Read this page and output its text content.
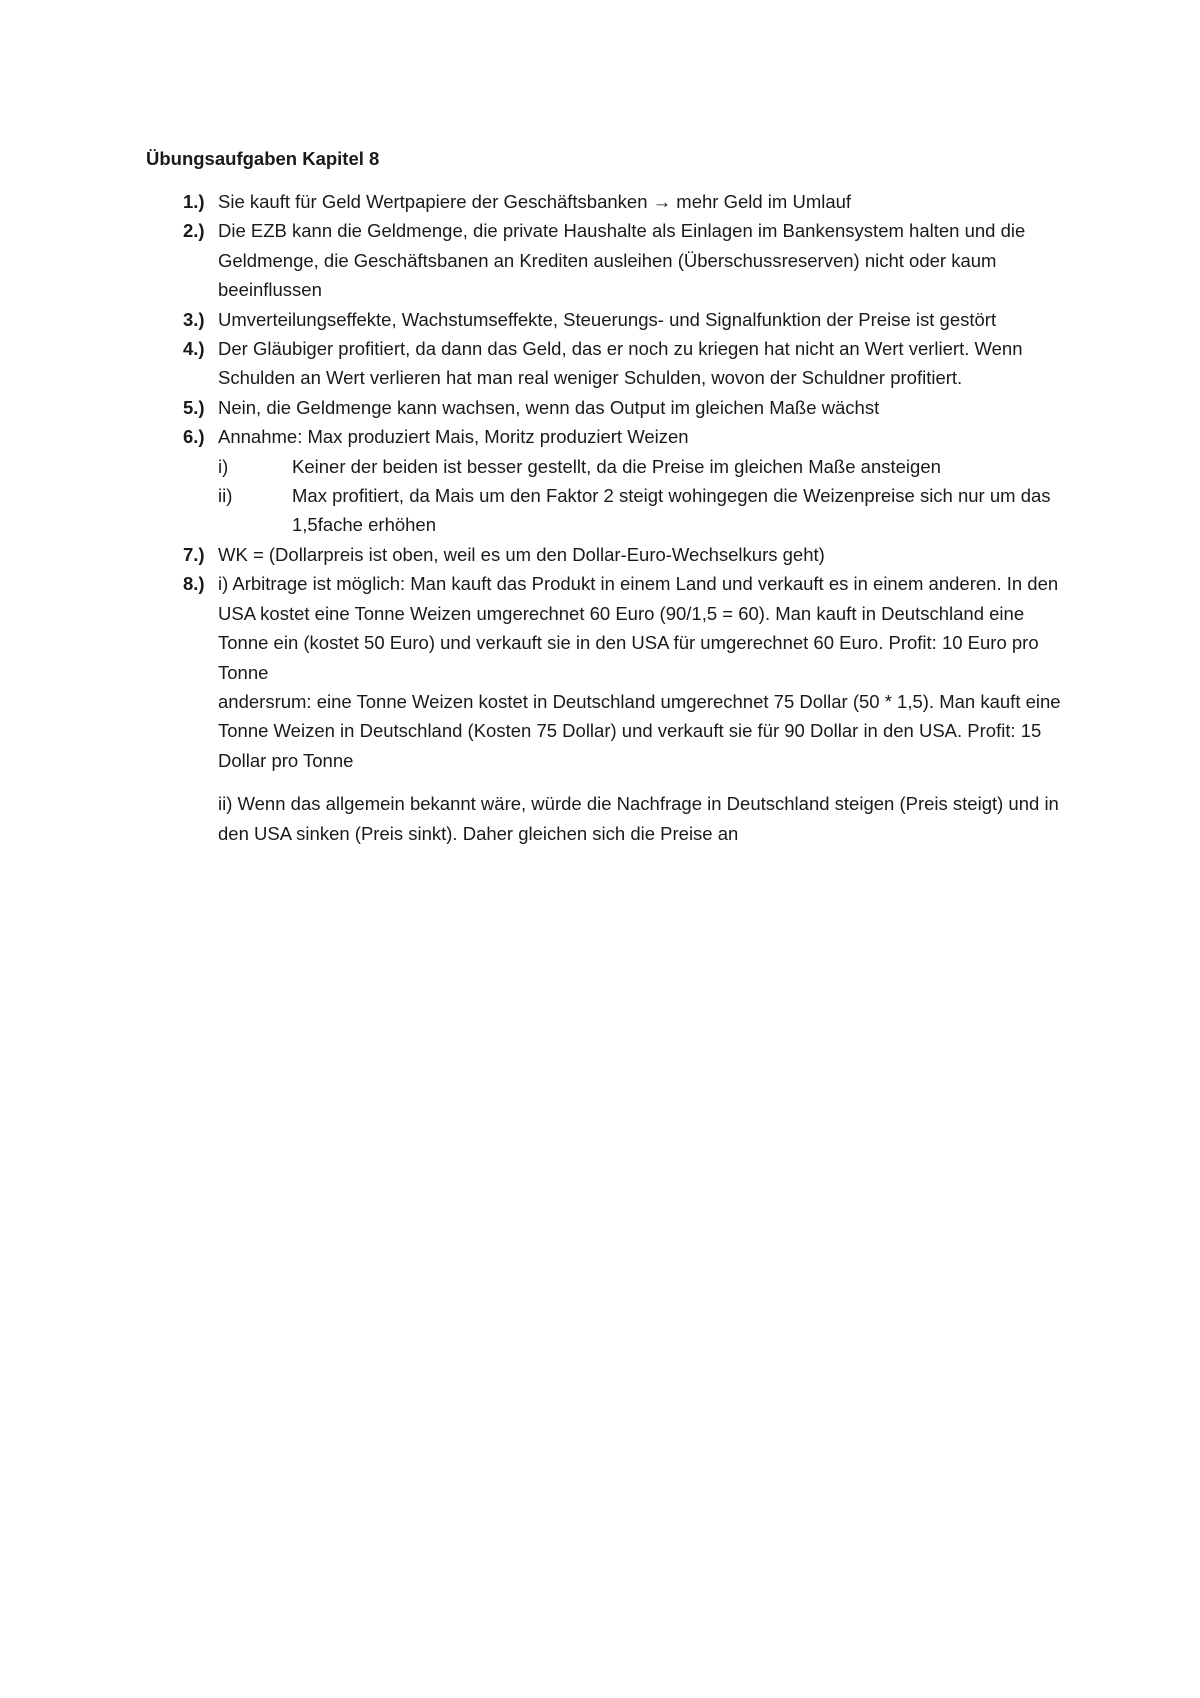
Übungsaufgaben Kapitel 8
1.) Sie kauft für Geld Wertpapiere der Geschäftsbanken → mehr Geld im Umlauf
2.) Die EZB kann die Geldmenge, die private Haushalte als Einlagen im Bankensystem halten und die Geldmenge, die Geschäftsbanen an Krediten ausleihen (Überschussreserven) nicht oder kaum beeinflussen
3.) Umverteilungseffekte, Wachstumseffekte, Steuerungs- und Signalfunktion der Preise ist gestört
4.) Der Gläubiger profitiert, da dann das Geld, das er noch zu kriegen hat nicht an Wert verliert. Wenn Schulden an Wert verlieren hat man real weniger Schulden, wovon der Schuldner profitiert.
5.) Nein, die Geldmenge kann wachsen, wenn das Output im gleichen Maße wächst
6.) Annahme: Max produziert Mais, Moritz produziert Weizen
i)	Keiner der beiden ist besser gestellt, da die Preise im gleichen Maße ansteigen
ii)	Max profitiert, da Mais um den Faktor 2 steigt wohingegen die Weizenpreise sich nur um das 1,5fache erhöhen
7.) WK = (Dollarpreis ist oben, weil es um den Dollar-Euro-Wechselkurs geht)
8.) i) Arbitrage ist möglich: Man kauft das Produkt in einem Land und verkauft es in einem anderen. In den USA kostet eine Tonne Weizen umgerechnet 60 Euro (90/1,5 = 60). Man kauft in Deutschland eine Tonne ein (kostet 50 Euro) und verkauft sie in den USA für umgerechnet 60 Euro. Profit: 10 Euro pro Tonne
andersrum: eine Tonne Weizen kostet in Deutschland umgerechnet 75 Dollar (50 * 1,5). Man kauft eine Tonne Weizen in Deutschland (Kosten 75 Dollar) und verkauft sie für 90 Dollar in den USA. Profit: 15 Dollar pro Tonne
ii) Wenn das allgemein bekannt wäre, würde die Nachfrage in Deutschland steigen (Preis steigt) und in den USA sinken (Preis sinkt). Daher gleichen sich die Preise an
